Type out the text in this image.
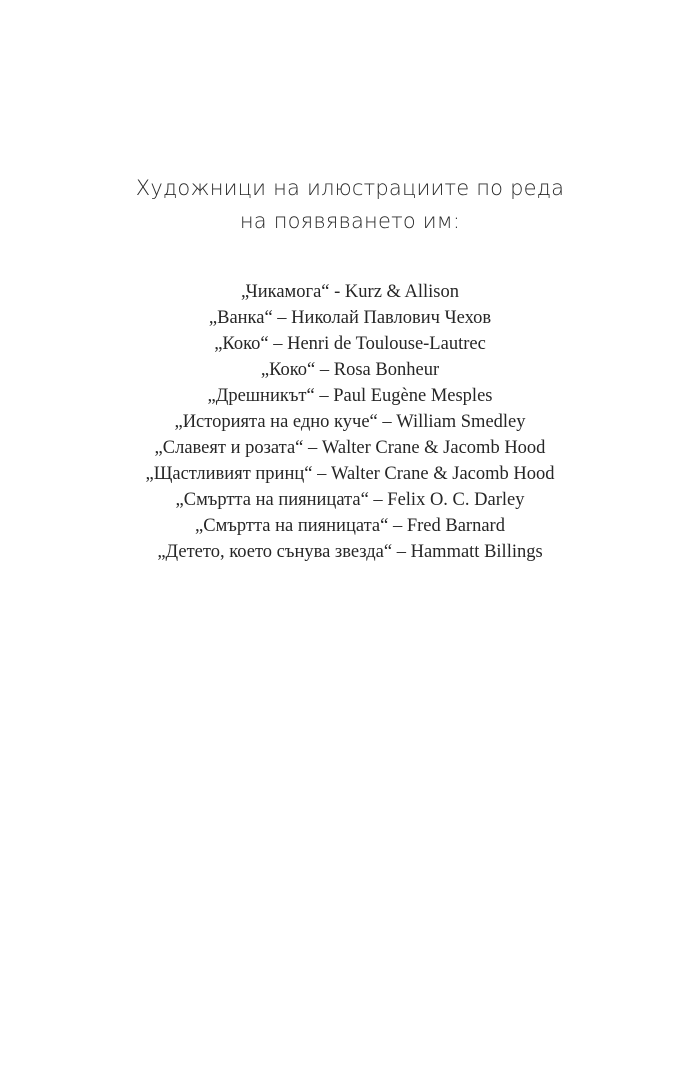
Художници на илюстрациите по реда
на появяването им:
„Чикамога“ - Kurz & Allison
„Ванка“ – Николай Павлович Чехов
„Коко“ – Henri de Toulouse-Lautrec
„Коко“ – Rosa Bonheur
„Дрешникът“ – Paul Eugène Mesples
„Историята на едно куче“ – William Smedley
„Славеят и розата“ – Walter Crane & Jacomb Hood
„Щастливият принц“ – Walter Crane & Jacomb Hood
„Смъртта на пияницата“ – Felix O. C. Darley
„Смъртта на пияницата“ – Fred Barnard
„Детето, което сънува звезда“ – Hammatt Billings
